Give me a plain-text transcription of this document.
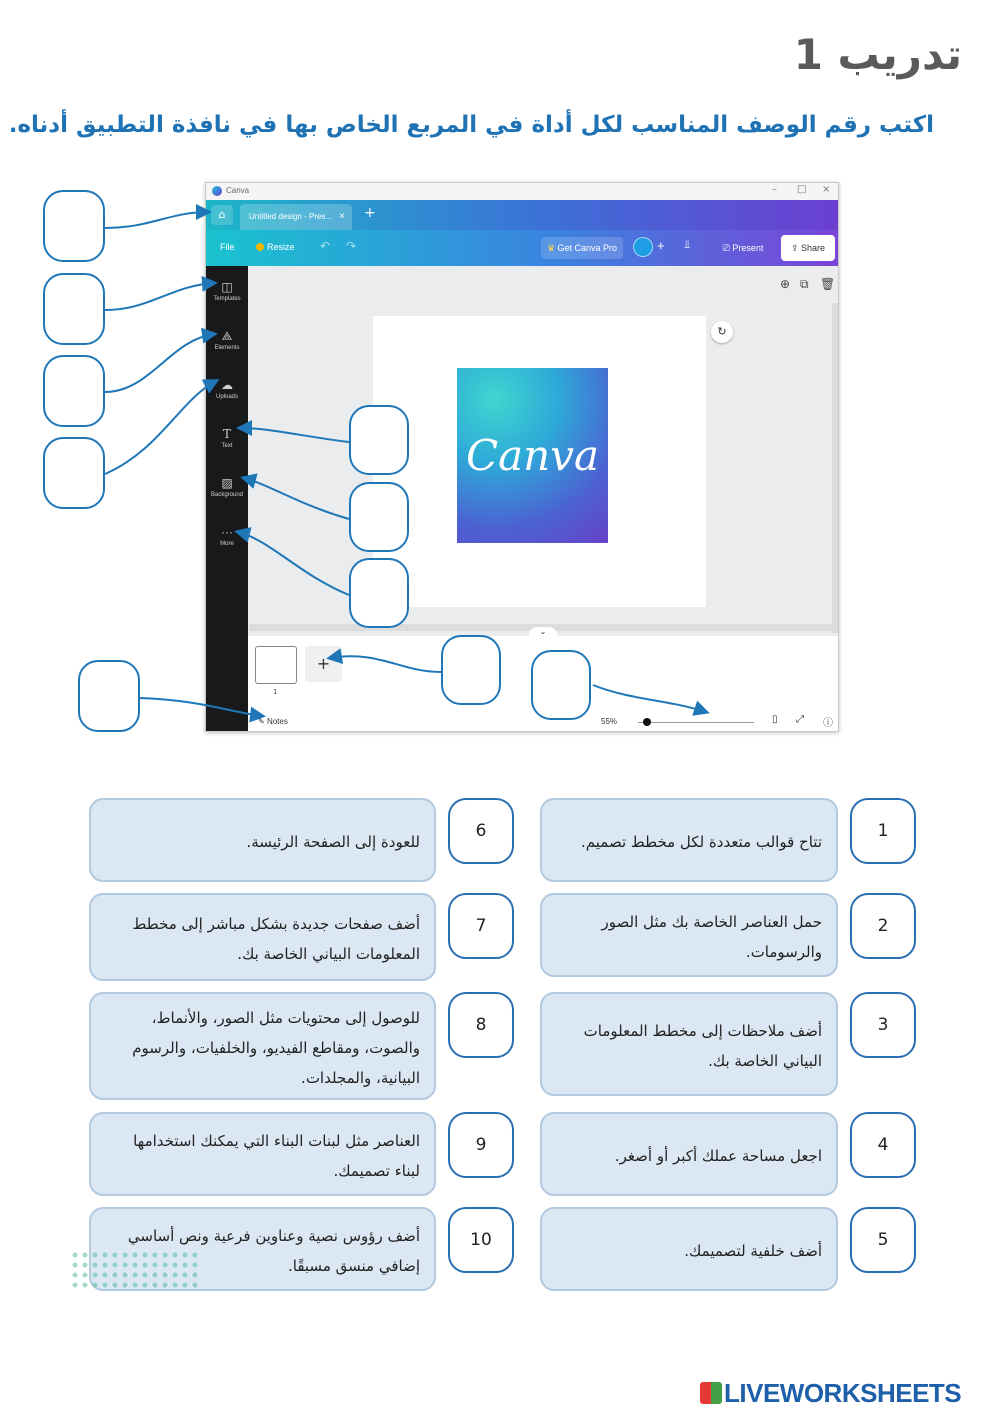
تدريب 1
اكتب رقم الوصف المناسب لكل أداة في المربع الخاص بها في نافذة التطبيق أدناه.
Canva	– □ ×
⌂	Untitled design - Pres... × +
File	Resize ↶ ↷	♛ Get Canva Pro	+ ⫫	⎚ Present	⇪ Share
◫
Templates
⟁
Elements
☁
Uploads
T
Text
▨
Background
···
More
⊕ ⧉ 🗑
↻
Canva
⌄
1
+
✎ Notes	55%	▯ ⤢ ⓘ
1
تتاح قوالب متعددة لكل مخطط تصميم.
2
حمل العناصر الخاصة بك مثل الصور والرسومات.
3
أضف ملاحظات إلى مخطط المعلومات البياني الخاصة بك.
4
اجعل مساحة عملك أكبر أو أصغر.
5
أضف خلفية لتصميمك.
6
للعودة إلى الصفحة الرئيسة.
7
أضف صفحات جديدة بشكل مباشر إلى مخطط المعلومات البياني الخاصة بك.
8
للوصول إلى محتويات مثل الصور، والأنماط، والصوت، ومقاطع الفيديو، والخلفيات، والرسوم البيانية، والمجلدات.
9
العناصر مثل لبنات البناء التي يمكنك استخدامها لبناء تصميمك.
10
أضف رؤوس نصية وعناوين فرعية ونص أساسي إضافي منسق مسبقًا.
LIVEWORKSHEETS
